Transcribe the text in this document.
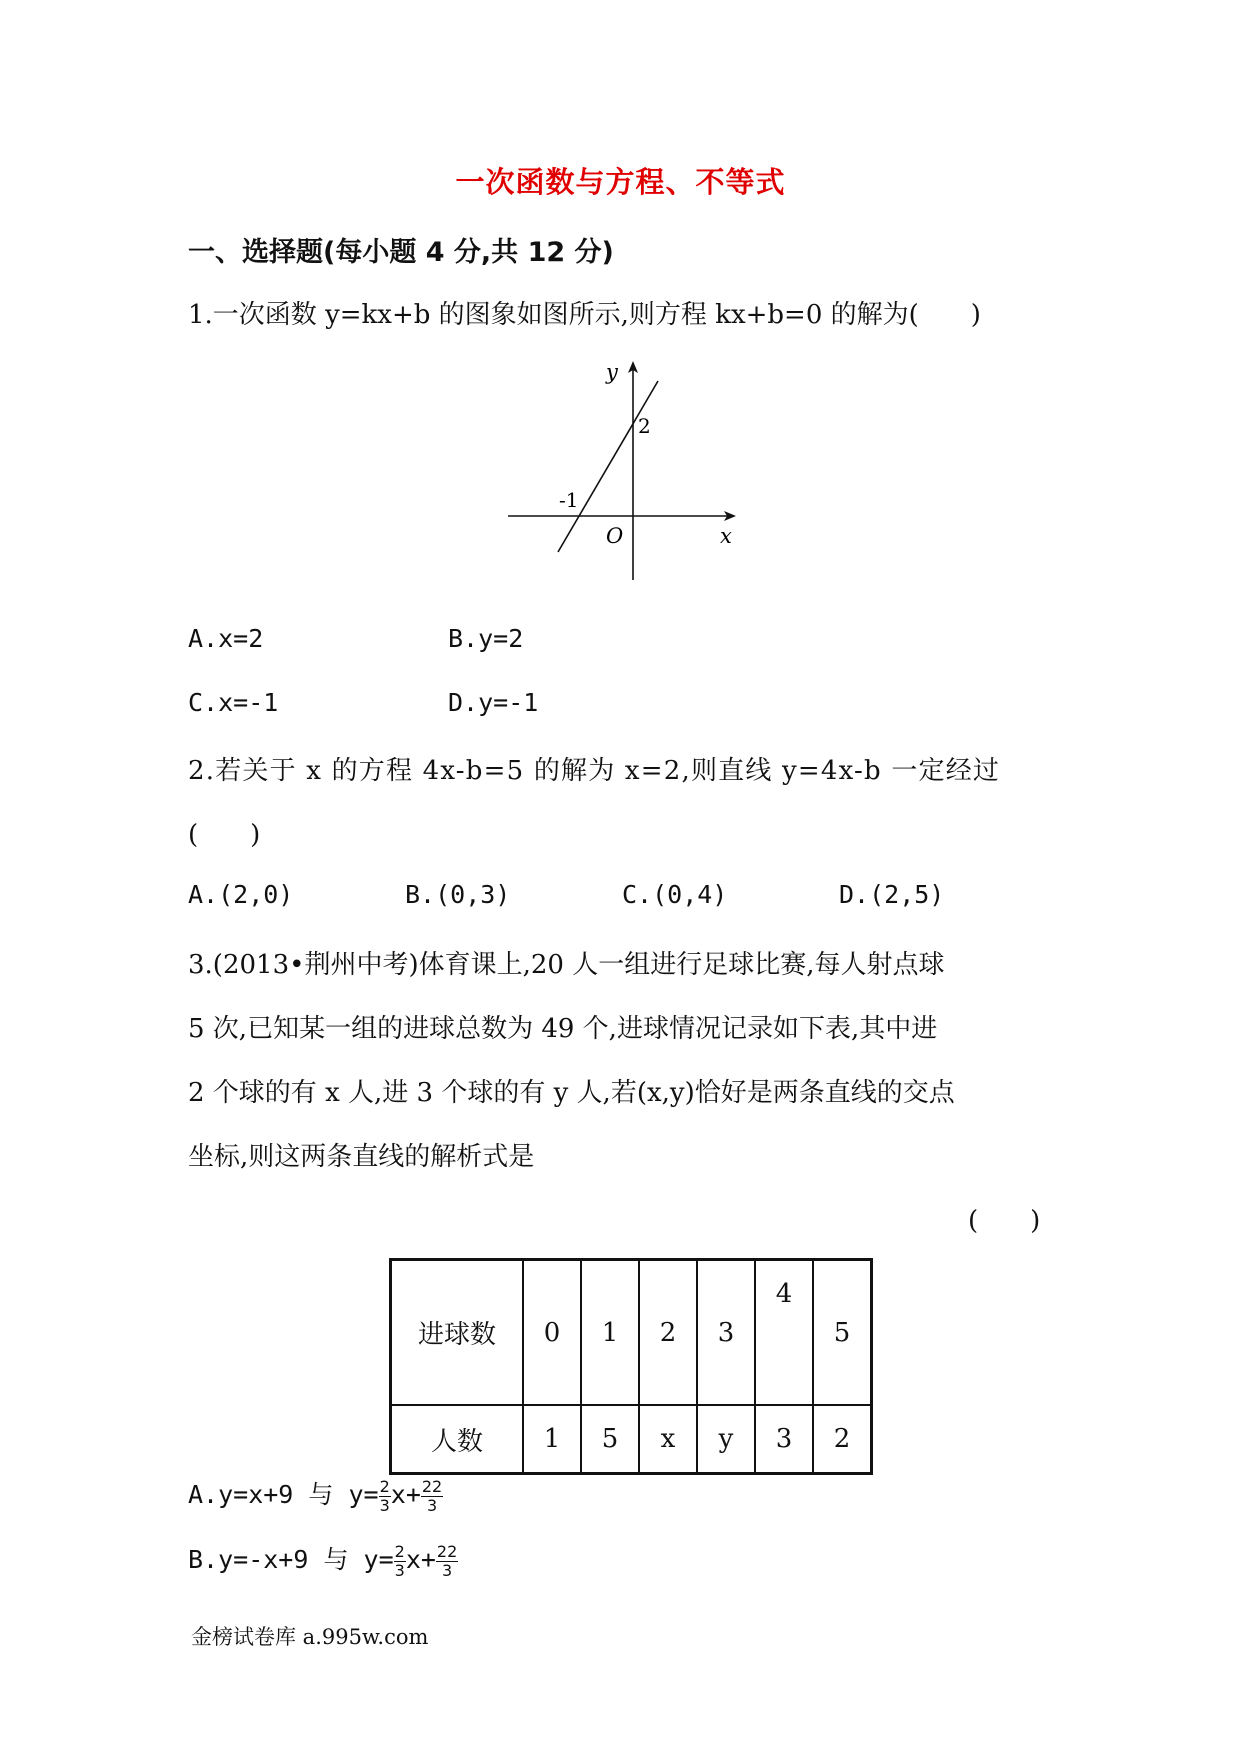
一次函数与方程、不等式
一、选择题(每小题 4 分,共 12 分)
1.一次函数 y=kx+b 的图象如图所示,则方程 kx+b=0 的解为(　　)
y
x
O
2
-1
A.x=2	B.y=2
C.x=-1	D.y=-1
2.若关于 x 的方程 4x-b=5 的解为 x=2,则直线 y=4x-b 一定经过
(　　)
A.(2,0)	B.(0,3)	C.(0,4)	D.(2,5)
3.(2013•荆州中考)体育课上,20 人一组进行足球比赛,每人射点球
5 次,已知某一组的进球总数为 49 个,进球情况记录如下表,其中进
2 个球的有 x 人,进 3 个球的有 y 人,若(x,y)恰好是两条直线的交点
坐标,则这两条直线的解析式是
(　　)
进球数	0	1	2	3	4	5
人数	1	5	x	y	3	2
A.y=x+9 与 $y= \frac{2}{3} x+ \frac{22}{3}$
B.y=-x+9 与 $y= \frac{2}{3} x+ \frac{22}{3}$
金榜试卷库 a.995w.com
